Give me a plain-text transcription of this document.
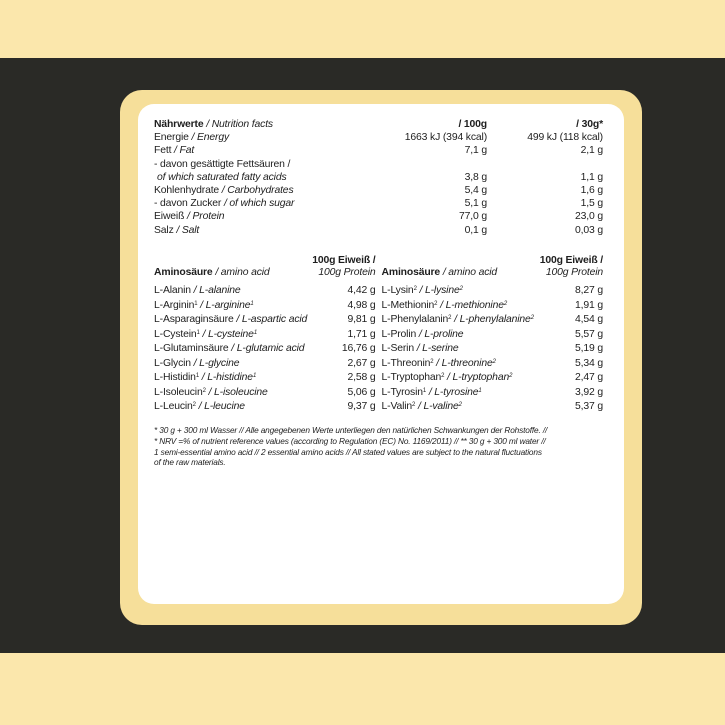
Nährwerte / Nutrition facts	/ 100g	/ 30g*
Energie / Energy	1663 kJ (394 kcal)	499 kJ (118 kcal)
Fett / Fat	7,1 g	2,1 g
- davon gesättigte Fettsäuren /
of which saturated fatty acids	3,8 g	1,1 g
Kohlenhydrate / Carbohydrates	5,4 g	1,6 g
- davon Zucker / of which sugar	5,1 g	1,5 g
Eiweiß / Protein	77,0 g	23,0 g
Salz / Salt	0,1 g	0,03 g
Aminosäure / amino acid
100g Eiweiß /
100g Protein
L-Alanin / L-alanine	4,42 g
L-Arginin$^1$ / L-arginine$^1$	4,98 g
L-Asparaginsäure / L-aspartic acid	9,81 g
L-Cystein$^1$ / L-cysteine$^1$	1,71 g
L-Glutaminsäure / L-glutamic acid	16,76 g
L-Glycin / L-glycine	2,67 g
L-Histidin$^1$ / L-histidine$^1$	2,58 g
L-Isoleucin$^2$ / L-isoleucine	5,06 g
L-Leucin$^2$ / L-leucine	9,37 g
Aminosäure / amino acid
100g Eiweiß /
100g Protein
L-Lysin$^2$ / L-lysine$^2$	8,27 g
L-Methionin$^2$ / L-methionine$^2$	1,91 g
L-Phenylalanin$^2$ / L-phenylalanine$^2$	4,54 g
L-Prolin / L-proline	5,57 g
L-Serin / L-serine	5,19 g
L-Threonin$^2$ / L-threonine$^2$	5,34 g
L-Tryptophan$^2$ / L-tryptophan$^2$	2,47 g
L-Tyrosin$^1$ / L-tyrosine$^1$	3,92 g
L-Valin$^2$ / L-valine$^2$	5,37 g
* 30 g + 300 ml Wasser // Alle angegebenen Werte unterliegen den natürlichen Schwankungen der Rohstoffe. //
* NRV =% of nutrient reference values (according to Regulation (EC) No. 1169/2011) // ** 30 g + 300 ml water //
1 semi-essential amino acid // 2 essential amino acids // All stated values are subject to the natural fluctuations
of the raw materials.
